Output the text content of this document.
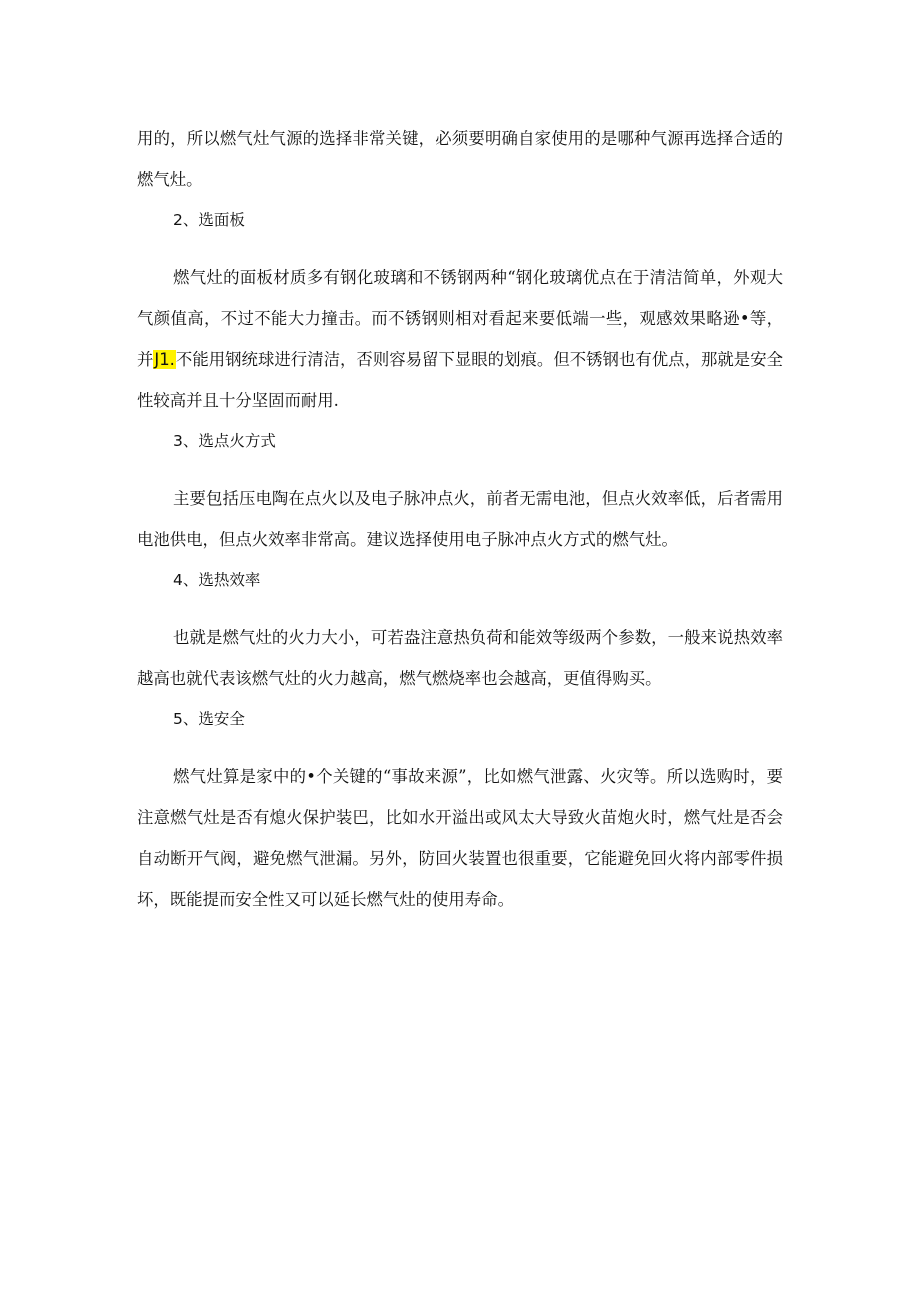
用的，所以燃气灶气源的选择非常关键，必须要明确自家使用的是哪种气源再选择合适的燃气灶。

2、选面板

燃气灶的面板材质多有钢化玻璃和不锈钢两种“钢化玻璃优点在于清洁简单，外观大气颜值高，不过不能大力撞击。而不锈钢则相对看起来要低端一些，观感效果略逊•等，并J1.不能用钢统球进行清洁，否则容易留下显眼的划痕。但不锈钢也有优点，那就是安全性较高并且十分坚固而耐用.

3、选点火方式

主要包括压电陶在点火以及电子脉冲点火，前者无需电池，但点火效率低，后者需用电池供电，但点火效率非常高。建议选择使用电子脉冲点火方式的燃气灶。

4、选热效率

也就是燃气灶的火力大小，可若盎注意热负荷和能效等级两个参数，一般来说热效率越高也就代表该燃气灶的火力越高，燃气燃烧率也会越高，更值得购买。

5、选安全

燃气灶算是家中的•个关键的“事故来源”，比如燃气泄露、火灾等。所以选购时，要注意燃气灶是否有熄火保护装巴，比如水开溢出或风太大导致火苗炮火时，燃气灶是否会自动断开气阀，避免燃气泄漏。另外，防回火装置也很重要，它能避免回火将内部零件损坏，既能提而安全性又可以延长燃气灶的使用寿命。
